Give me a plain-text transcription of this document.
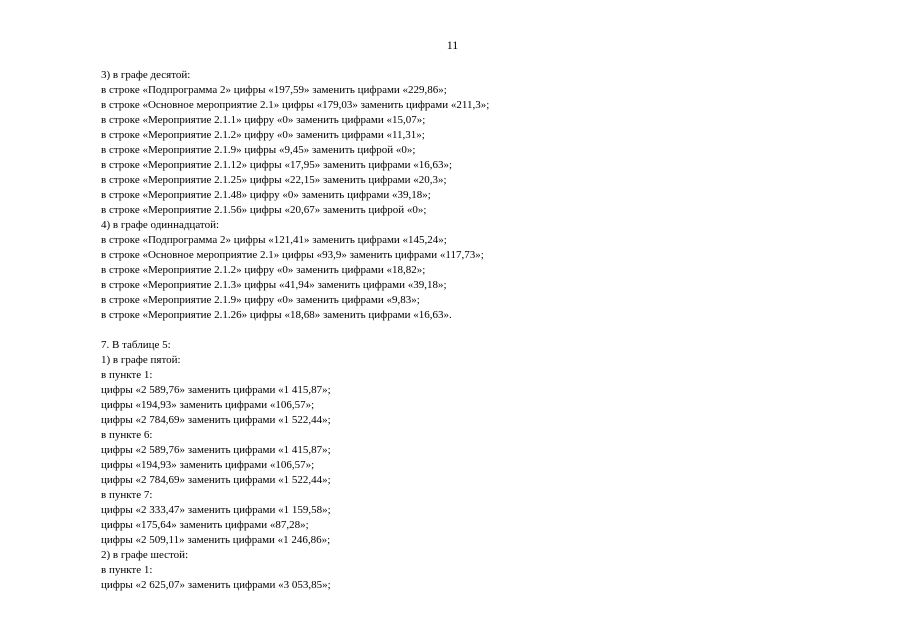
11
3) в графе десятой:
в строке «Подпрограмма 2» цифры «197,59» заменить цифрами «229,86»;
в строке «Основное мероприятие 2.1» цифры «179,03» заменить цифрами «211,3»;
в строке «Мероприятие 2.1.1» цифру «0» заменить цифрами «15,07»;
в строке «Мероприятие 2.1.2» цифру «0» заменить цифрами «11,31»;
в строке «Мероприятие 2.1.9» цифры «9,45» заменить цифрой «0»;
в строке «Мероприятие 2.1.12» цифры «17,95» заменить цифрами «16,63»;
в строке «Мероприятие 2.1.25» цифры «22,15» заменить цифрами «20,3»;
в строке «Мероприятие 2.1.48» цифру «0» заменить цифрами «39,18»;
в строке «Мероприятие 2.1.56» цифры «20,67» заменить цифрой «0»;
4) в графе одиннадцатой:
в строке «Подпрограмма 2» цифры «121,41» заменить цифрами «145,24»;
в строке «Основное мероприятие 2.1» цифры «93,9» заменить цифрами «117,73»;
в строке «Мероприятие 2.1.2» цифру «0» заменить цифрами «18,82»;
в строке «Мероприятие 2.1.3» цифры «41,94» заменить цифрами «39,18»;
в строке «Мероприятие 2.1.9» цифру «0» заменить цифрами «9,83»;
в строке «Мероприятие 2.1.26» цифры «18,68» заменить цифрами «16,63».
7. В таблице 5:
1) в графе пятой:
в пункте 1:
цифры «2 589,76» заменить цифрами «1 415,87»;
цифры «194,93» заменить цифрами «106,57»;
цифры «2 784,69» заменить цифрами «1 522,44»;
в пункте 6:
цифры «2 589,76» заменить цифрами «1 415,87»;
цифры «194,93» заменить цифрами «106,57»;
цифры «2 784,69» заменить цифрами «1 522,44»;
в пункте 7:
цифры «2 333,47» заменить цифрами «1 159,58»;
цифры «175,64» заменить цифрами «87,28»;
цифры «2 509,11» заменить цифрами «1 246,86»;
2) в графе шестой:
в пункте 1:
цифры «2 625,07» заменить цифрами «3 053,85»;
